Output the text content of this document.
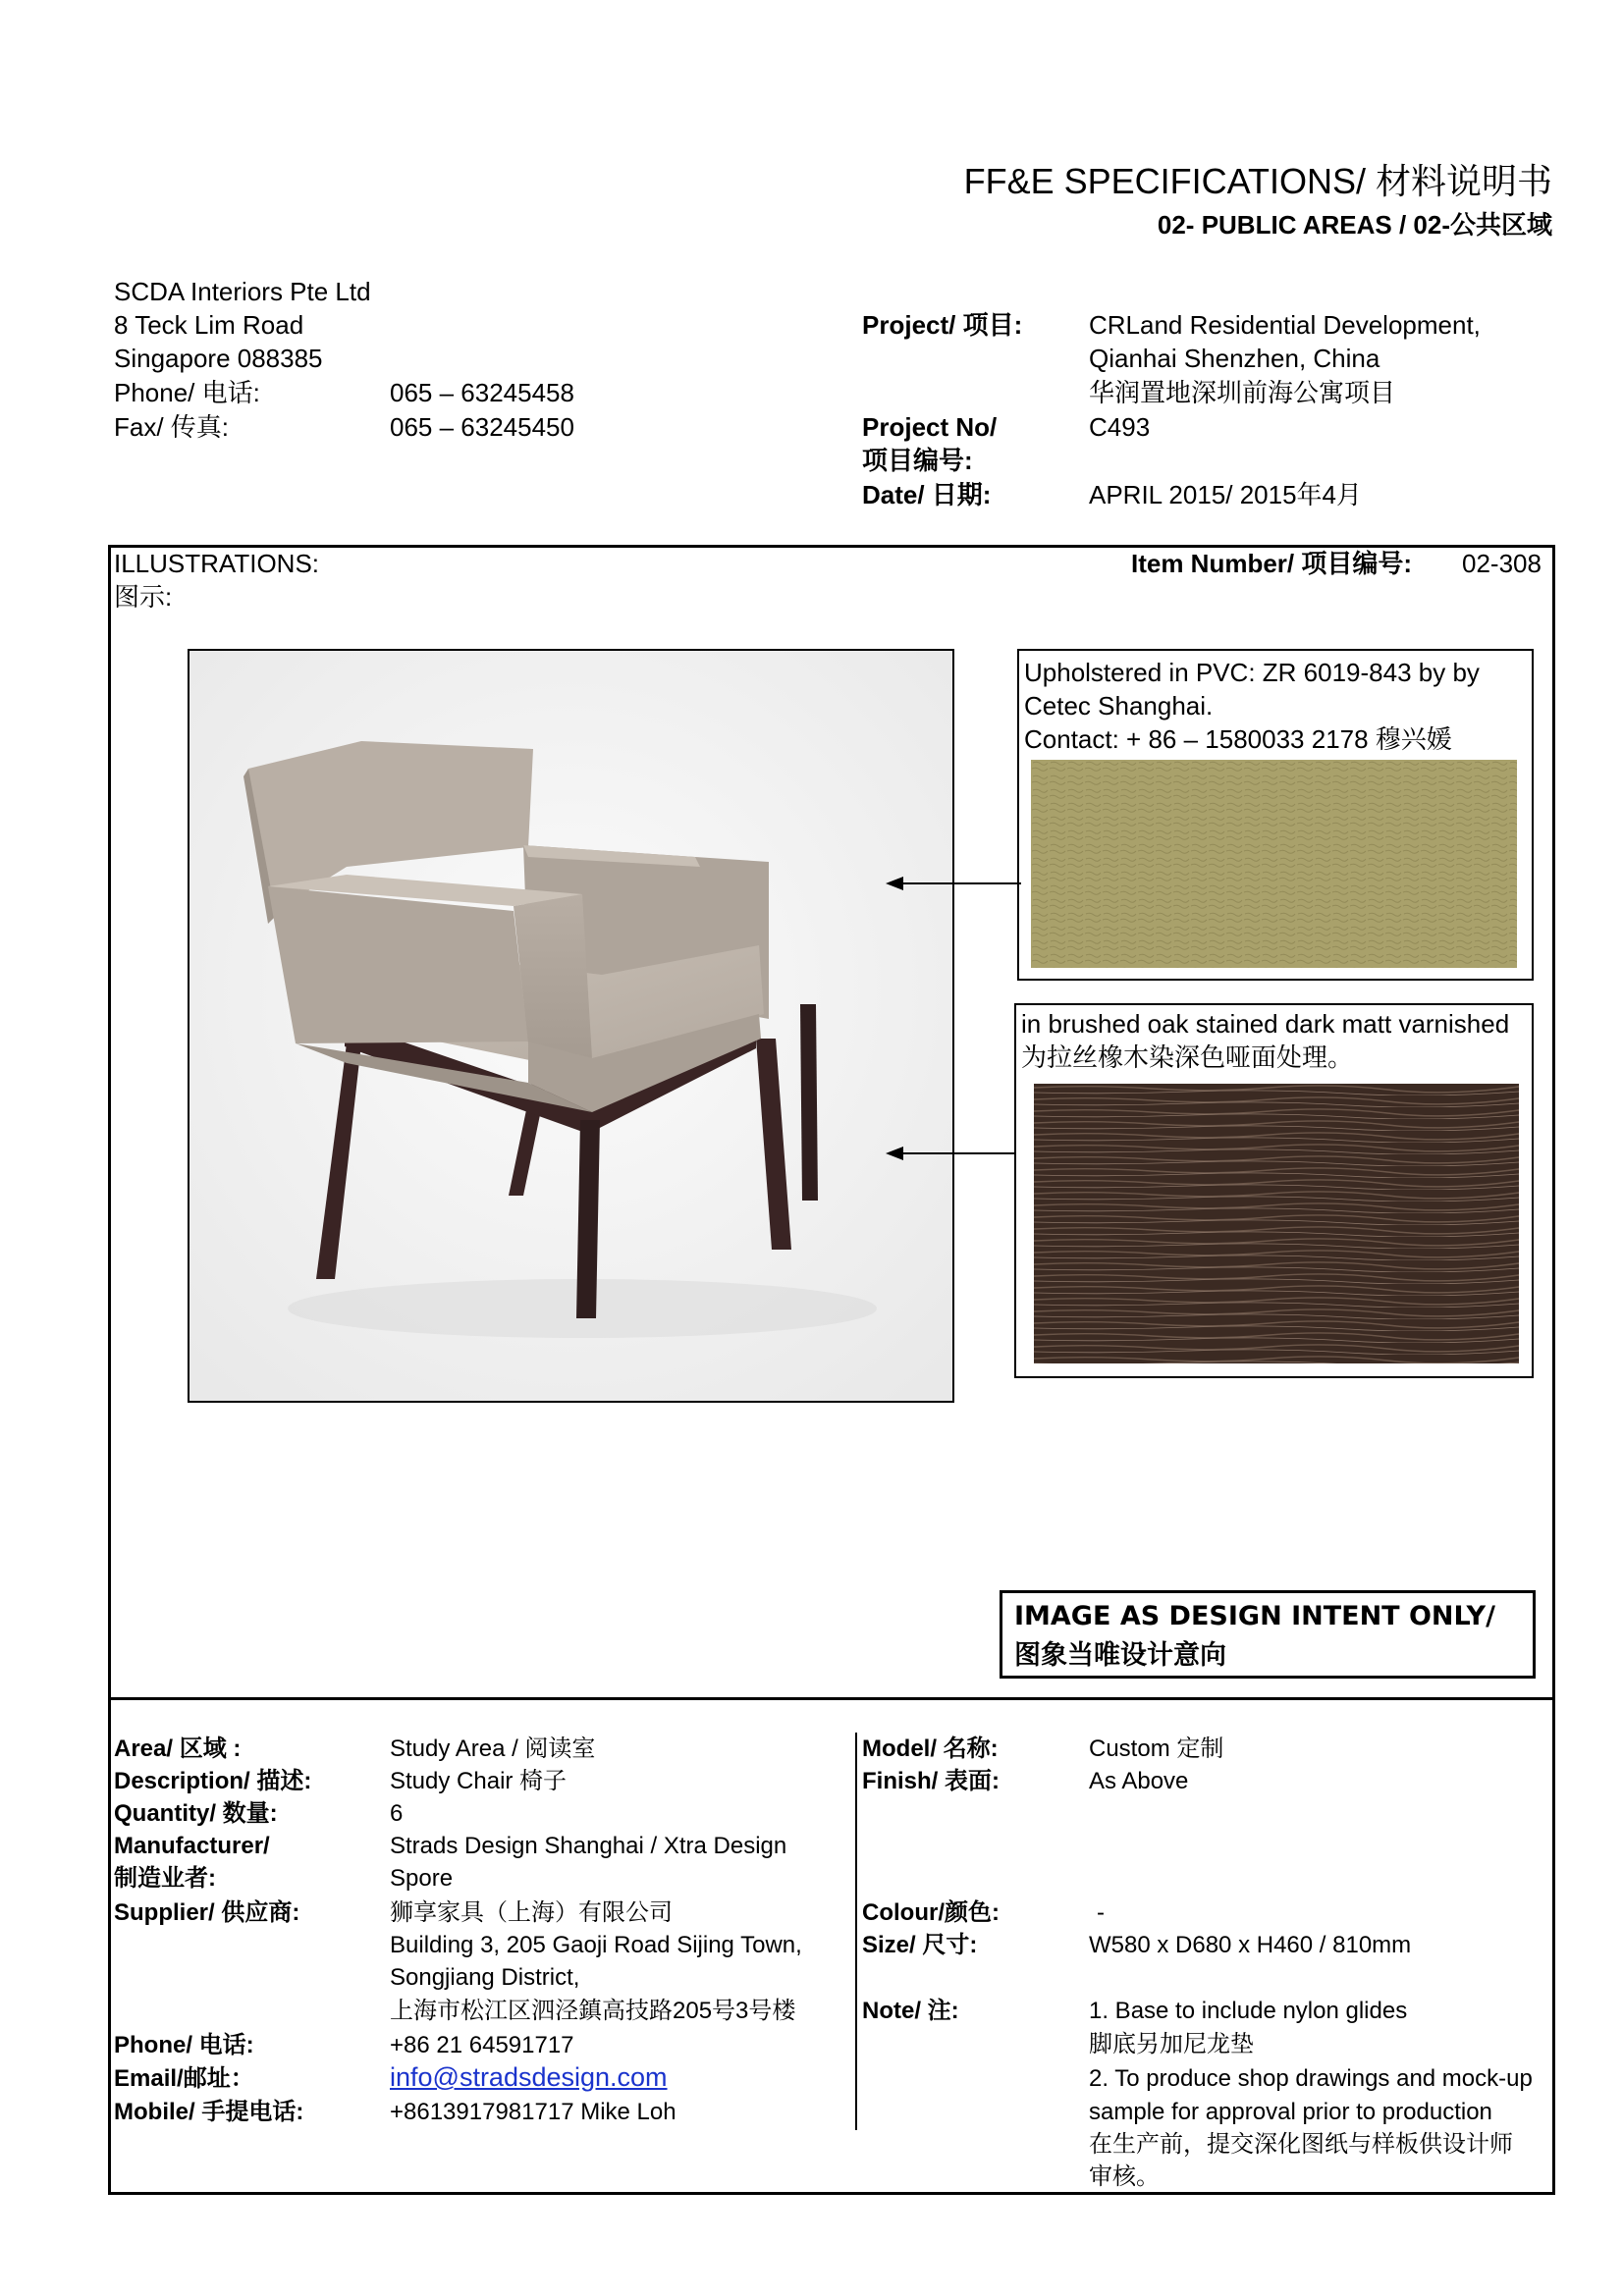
FF&E SPECIFICATIONS/ 材料说明书
02- PUBLIC AREAS / 02-公共区域
SCDA Interiors Pte Ltd
8 Teck Lim Road
Singapore 088385
Phone/ 电话:	065 – 63245458
Fax/ 传真:	065 – 63245450
Project/ 项目:	CRLand Residential Development,
Qianhai Shenzhen, China
华润置地深圳前海公寓项目
Project No/
项目编号:
C493
Date/ 日期:	APRIL 2015/ 2015年4月
ILLUSTRATIONS:
图示:
Item Number/ 项目编号: 02-308
Upholstered in PVC: ZR 6019-843 by by
Cetec Shanghai.
Contact: + 86 – 1580033 2178 穆兴媛
in brushed oak stained dark matt varnished
为拉丝橡木染深色哑面处理。
IMAGE AS DESIGN INTENT ONLY/
图象当唯设计意向
Area/ 区域 :	Study Area / 阅读室
Description/ 描述:	Study Chair 椅子
Quantity/ 数量:	6
Manufacturer/
制造业者:
Strads Design Shanghai / Xtra Design
Spore
Supplier/ 供应商:	狮享家具（上海）有限公司
Building 3, 205 Gaoji Road Sijing Town,
Songjiang District,
上海市松江区泗泾鎮高技路205号3号楼
Phone/ 电话:	+86 21 64591717
Email/邮址：	info@stradsdesign.com
Mobile/ 手提电话:	+8613917981717 Mike Loh
Model/ 名称:	Custom 定制
Finish/ 表面:	As Above
Colour/颜色:	-
Size/ 尺寸:	W580 x D680 x H460 / 810mm
Note/ 注:	1. Base to include nylon glides
脚底另加尼龙垫
2. To produce shop drawings and mock-up
sample for approval prior to production
在生产前，提交深化图纸与样板供设计师
审核。
